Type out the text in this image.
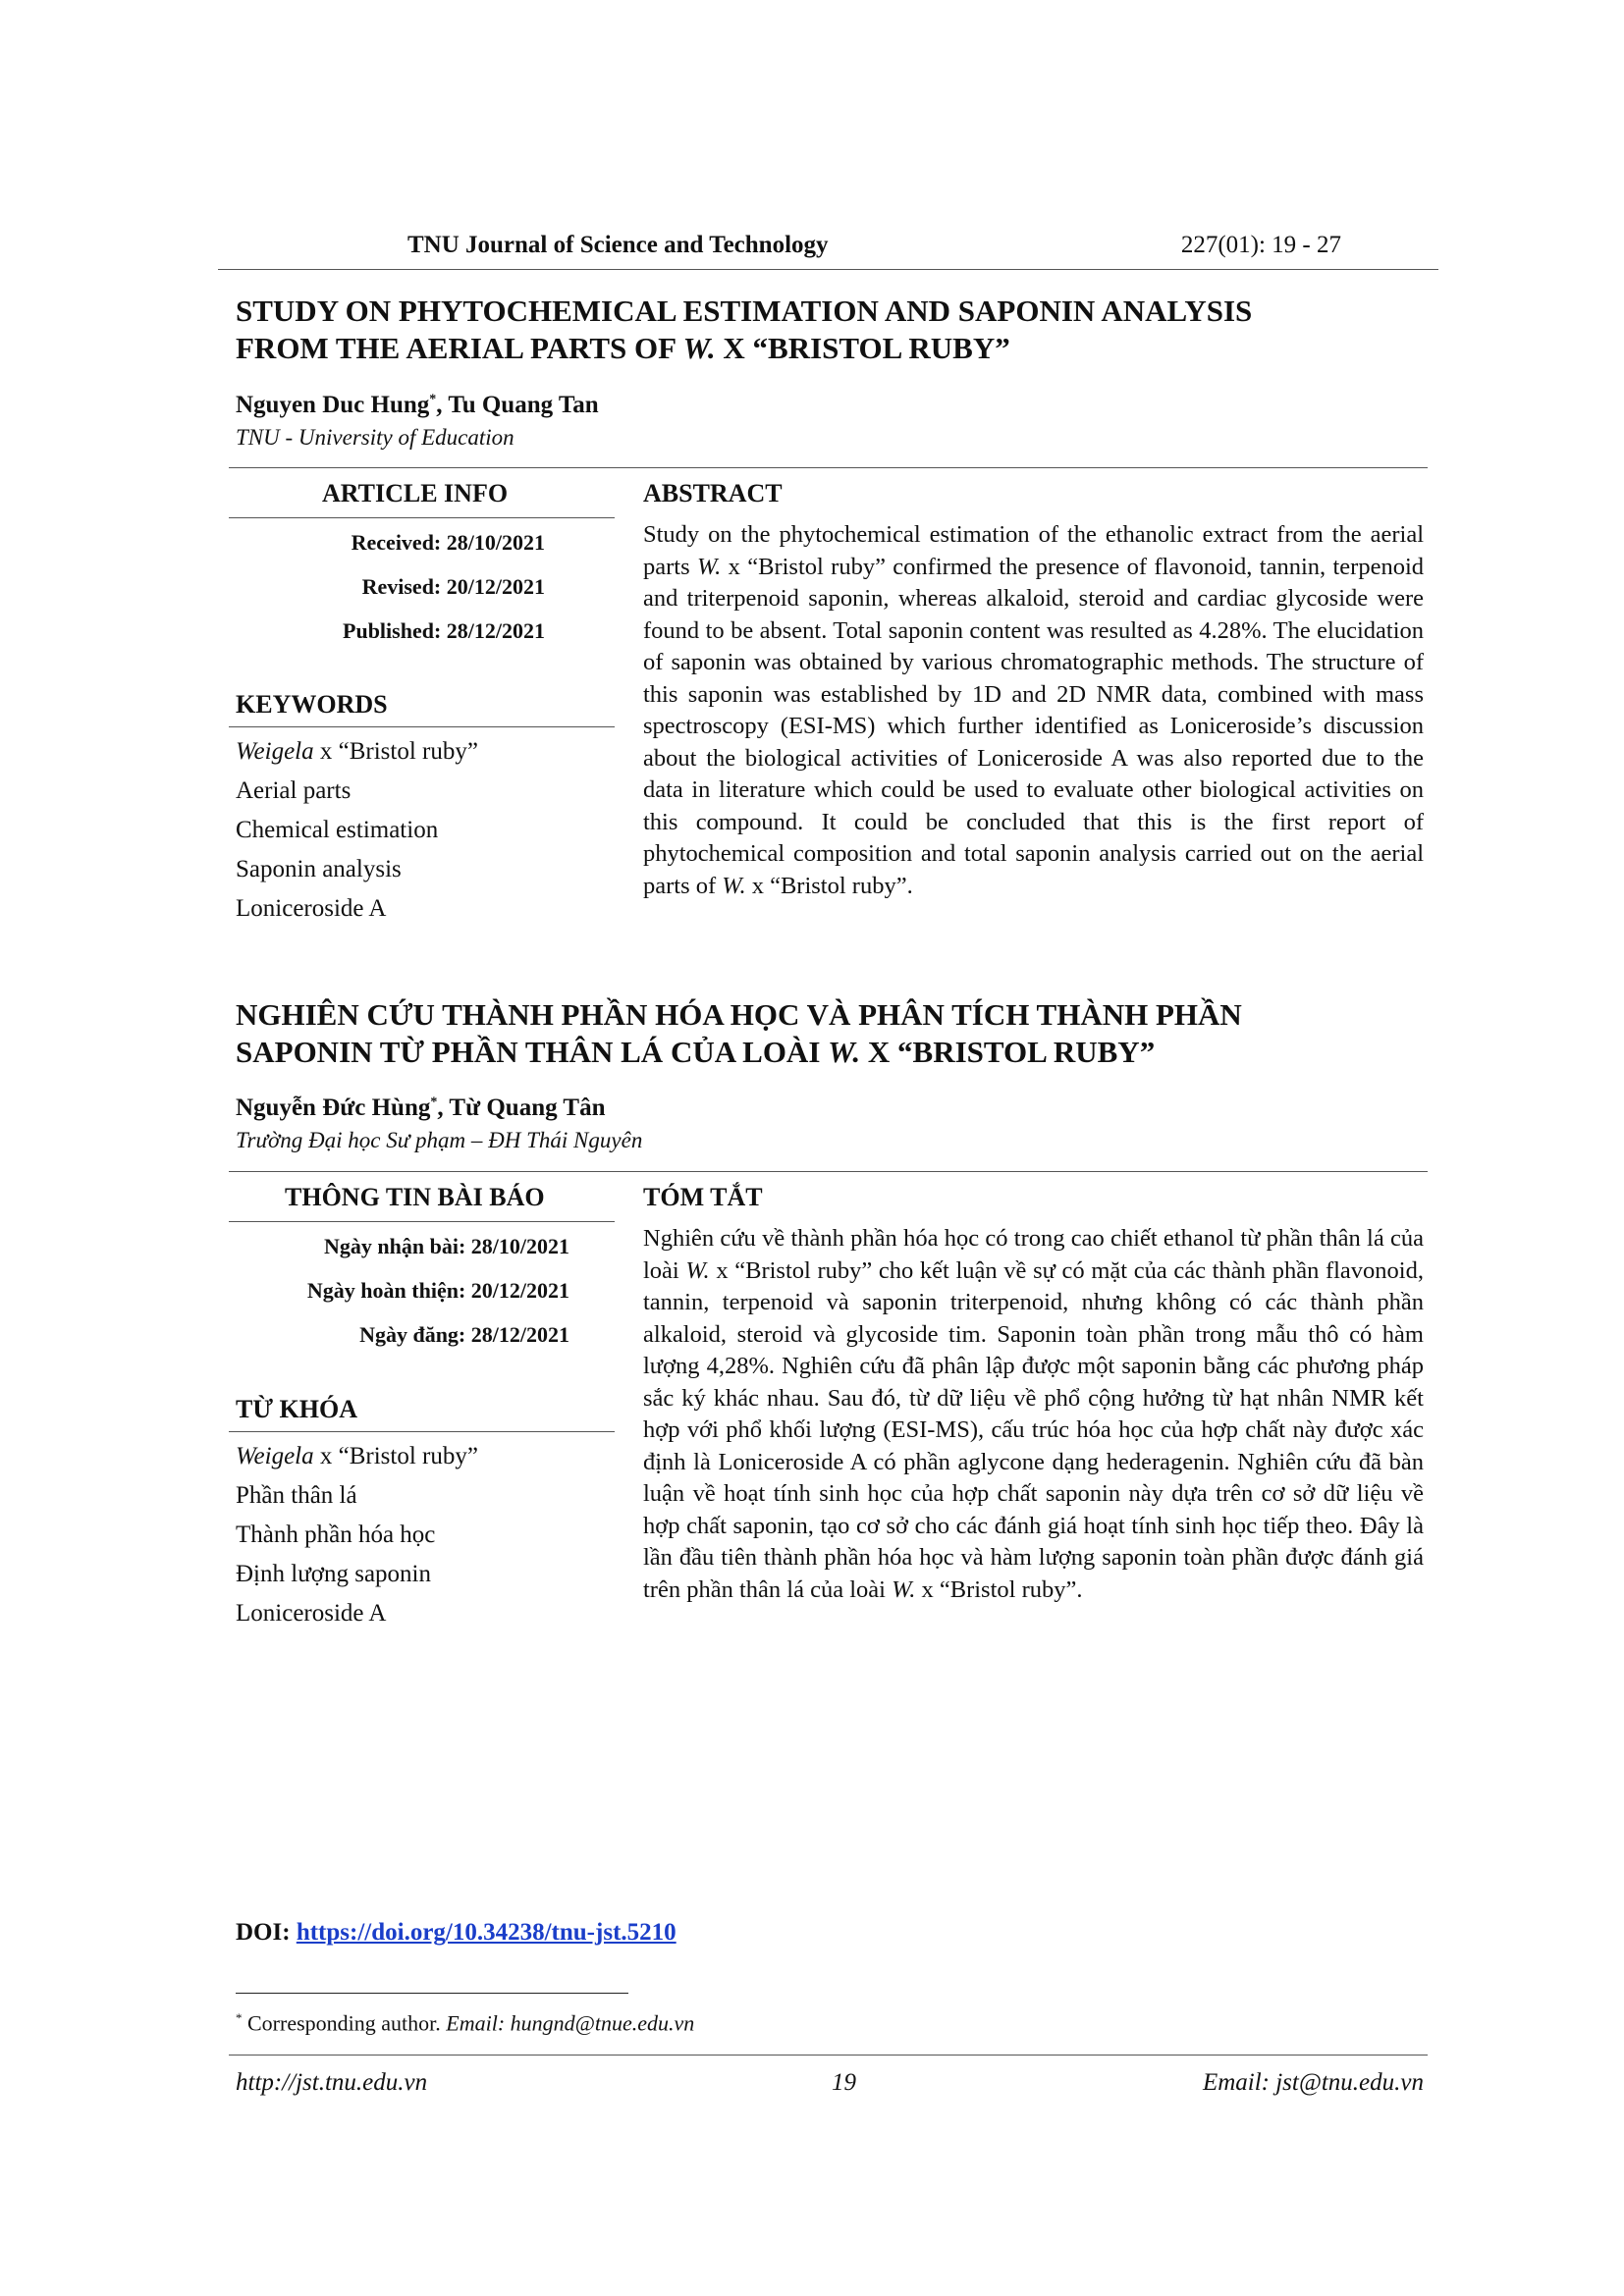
TNU Journal of Science and Technology	227(01): 19 - 27
STUDY ON PHYTOCHEMICAL ESTIMATION AND SAPONIN ANALYSIS
FROM THE AERIAL PARTS OF W. X “BRISTOL RUBY”
Nguyen Duc Hung*, Tu Quang Tan
TNU - University of Education
ARTICLE INFO	ABSTRACT
Received: 28/10/2021
Revised: 20/12/2021
Published: 28/12/2021
KEYWORDS
Weigela x “Bristol ruby”
Aerial parts
Chemical estimation
Saponin analysis
Loniceroside A

Study on the phytochemical estimation of the ethanolic extract from the aerial parts W. x “Bristol ruby” confirmed the presence of flavonoid, tannin, terpenoid and triterpenoid saponin, whereas alkaloid, steroid and cardiac glycoside were found to be absent. Total saponin content was resulted as 4.28%. The elucidation of saponin was obtained by various chromatographic methods. The structure of this saponin was established by 1D and 2D NMR data, combined with mass spectroscopy (ESI-MS) which further identified as Loniceroside’s discussion about the biological activities of Loniceroside A was also reported due to the data in literature which could be used to evaluate other biological activities on this compound. It could be concluded that this is the first report of phytochemical composition and total saponin analysis carried out on the aerial parts of W. x “Bristol ruby”.

NGHIÊN CỨU THÀNH PHẦN HÓA HỌC VÀ PHÂN TÍCH THÀNH PHẦN
SAPONIN TỪ PHẦN THÂN LÁ CỦA LOÀI W. X “BRISTOL RUBY”
Nguyễn Đức Hùng*, Từ Quang Tân
Trường Đại học Sư phạm – ĐH Thái Nguyên
THÔNG TIN BÀI BÁO	TÓM TẮT
Ngày nhận bài: 28/10/2021
Ngày hoàn thiện: 20/12/2021
Ngày đăng: 28/12/2021
TỪ KHÓA
Weigela x “Bristol ruby”
Phần thân lá
Thành phần hóa học
Định lượng saponin
Loniceroside A

Nghiên cứu về thành phần hóa học có trong cao chiết ethanol từ phần thân lá của loài W. x “Bristol ruby” cho kết luận về sự có mặt của các thành phần flavonoid, tannin, terpenoid và saponin triterpenoid, nhưng không có các thành phần alkaloid, steroid và glycoside tim. Saponin toàn phần trong mẫu thô có hàm lượng 4,28%. Nghiên cứu đã phân lập được một saponin bằng các phương pháp sắc ký khác nhau. Sau đó, từ dữ liệu về phổ cộng hưởng từ hạt nhân NMR kết hợp với phổ khối lượng (ESI-MS), cấu trúc hóa học của hợp chất này được xác định là Loniceroside A có phần aglycone dạng hederagenin. Nghiên cứu đã bàn luận về hoạt tính sinh học của hợp chất saponin này dựa trên cơ sở dữ liệu về hợp chất saponin, tạo cơ sở cho các đánh giá hoạt tính sinh học tiếp theo. Đây là lần đầu tiên thành phần hóa học và hàm lượng saponin toàn phần được đánh giá trên phần thân lá của loài W. x “Bristol ruby”.

DOI: https://doi.org/10.34238/tnu-jst.5210
* Corresponding author. Email: hungnd@tnue.edu.vn
http://jst.tnu.edu.vn	19	Email: jst@tnu.edu.vn
